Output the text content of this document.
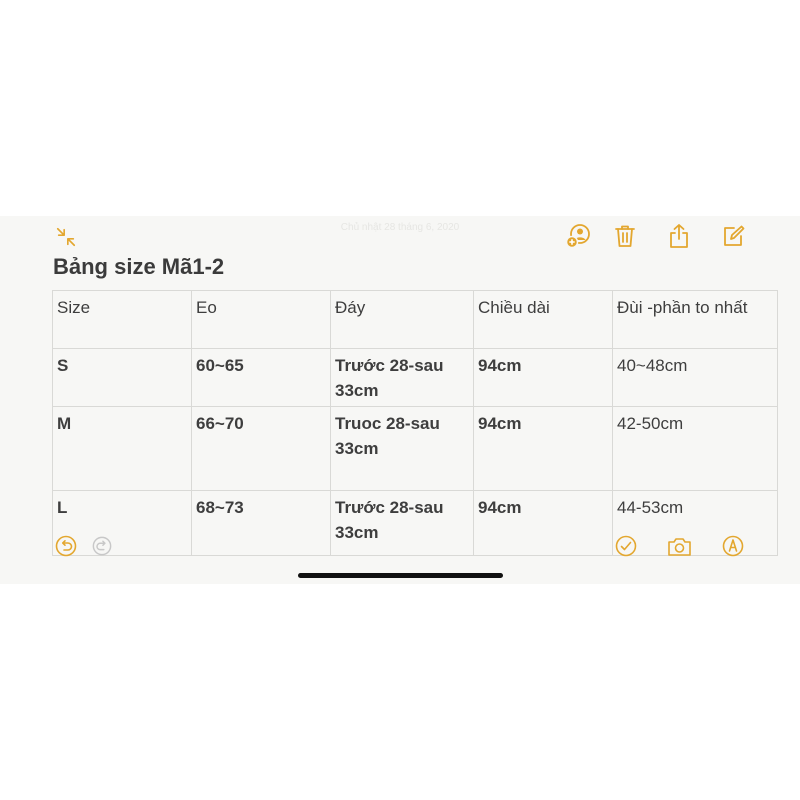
Chủ nhật 28 tháng 6, 2020
Bảng size Mã1-2
Size	Eo	Đáy	Chiều dài	Đùi -phần to nhất
S	60~65	Trước 28-sau 33cm	94cm	40~48cm
M	66~70	Truoc 28-sau 33cm	94cm	42-50cm
L	68~73	Trước 28-sau 33cm	94cm	44-53cm
